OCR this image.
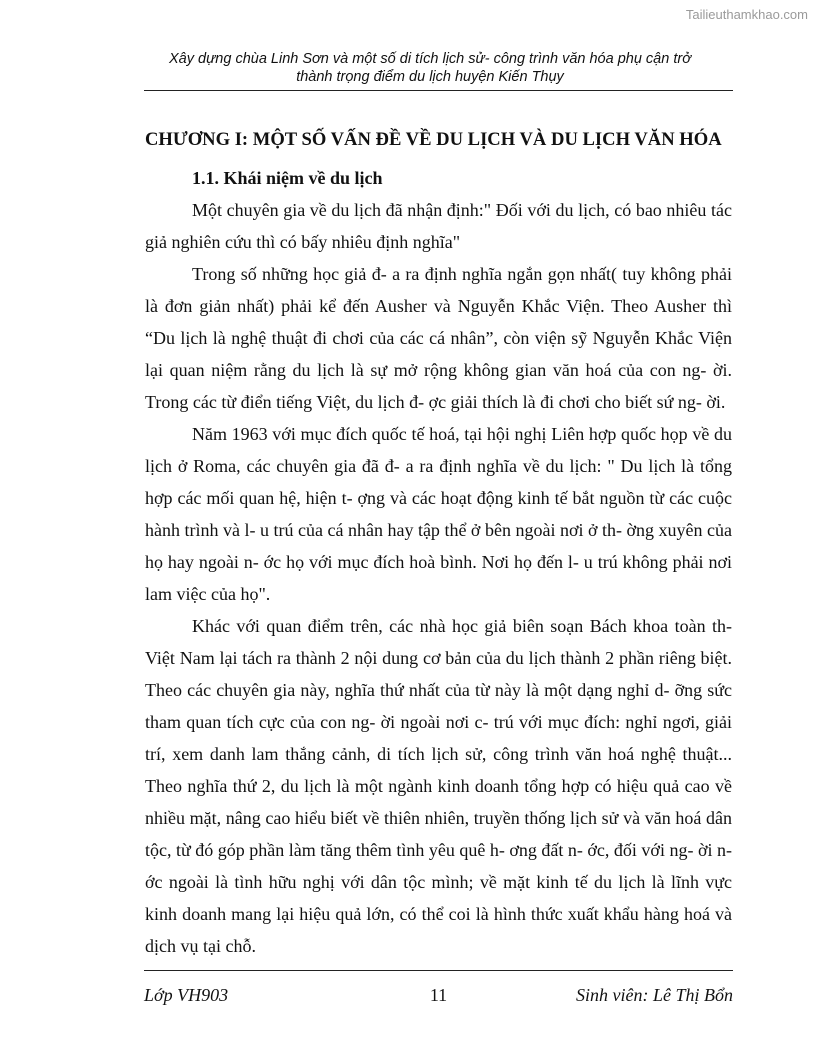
Tailieuthamkhao.com
Xây dựng chùa Linh Sơn và một số di tích lịch sử- công trình văn hóa phụ cận trở
thành trọng điểm du lịch huyện Kiến Thụy
CHƯƠNG I: MỘT SỐ VẤN ĐỀ VỀ DU LỊCH VÀ DU LỊCH VĂN HÓA
1.1. Khái niệm về du lịch

Một chuyên gia về du lịch đã nhận định:" Đối với du lịch, có bao nhiêu tác giả nghiên cứu thì có bấy nhiêu định nghĩa"

Trong số những học giả đ- a ra định nghĩa ngắn gọn nhất( tuy không phải là đơn giản nhất) phải kể đến Ausher và Nguyễn Khắc Viện. Theo Ausher thì “Du lịch là nghệ thuật đi chơi của các cá nhân”, còn viện sỹ Nguyễn Khắc Viện lại quan niệm rằng du lịch là sự mở rộng không gian văn hoá của con ng- ời. Trong các từ điển tiếng Việt, du lịch đ- ợc giải thích là đi chơi cho biết sứ ng- ời.

Năm 1963 với mục đích quốc tế hoá, tại hội nghị Liên hợp quốc họp về du lịch ở Roma, các chuyên gia đã đ- a ra định nghĩa về du lịch: " Du lịch là tổng hợp các mối quan hệ, hiện t- ợng và các hoạt động kinh tế bắt nguồn từ các cuộc hành trình và l- u trú của cá nhân hay tập thể ở bên ngoài nơi ở th- ờng xuyên của họ hay ngoài n- ớc họ với mục đích hoà bình. Nơi họ đến l- u trú không phải nơi lam việc của họ".

Khác với quan điểm trên, các nhà học giả biên soạn Bách khoa toàn th- Việt Nam lại tách ra thành 2 nội dung cơ bản của du lịch thành 2 phần riêng biệt. Theo các chuyên gia này, nghĩa thứ nhất của từ này là một dạng nghỉ d- ỡng sức tham quan tích cực của con ng- ời ngoài nơi c- trú với mục đích: nghỉ ngơi, giải trí, xem danh lam thắng cảnh, di tích lịch sử, công trình văn hoá nghệ thuật... Theo nghĩa thứ 2, du lịch là một ngành kinh doanh tổng hợp có hiệu quả cao về nhiều mặt, nâng cao hiểu biết về thiên nhiên, truyền thống lịch sử và văn hoá dân tộc, từ đó góp phần làm tăng thêm tình yêu quê h- ơng đất n- ớc, đối với ng- ời n- ớc ngoài là tình hữu nghị với dân tộc mình; về mặt kinh tế du lịch là lĩnh vực kinh doanh mang lại hiệu quả lớn, có thể coi là hình thức xuất khẩu hàng hoá và dịch vụ tại chỗ.

Lớp VH903	11	Sinh viên: Lê Thị Bổn
